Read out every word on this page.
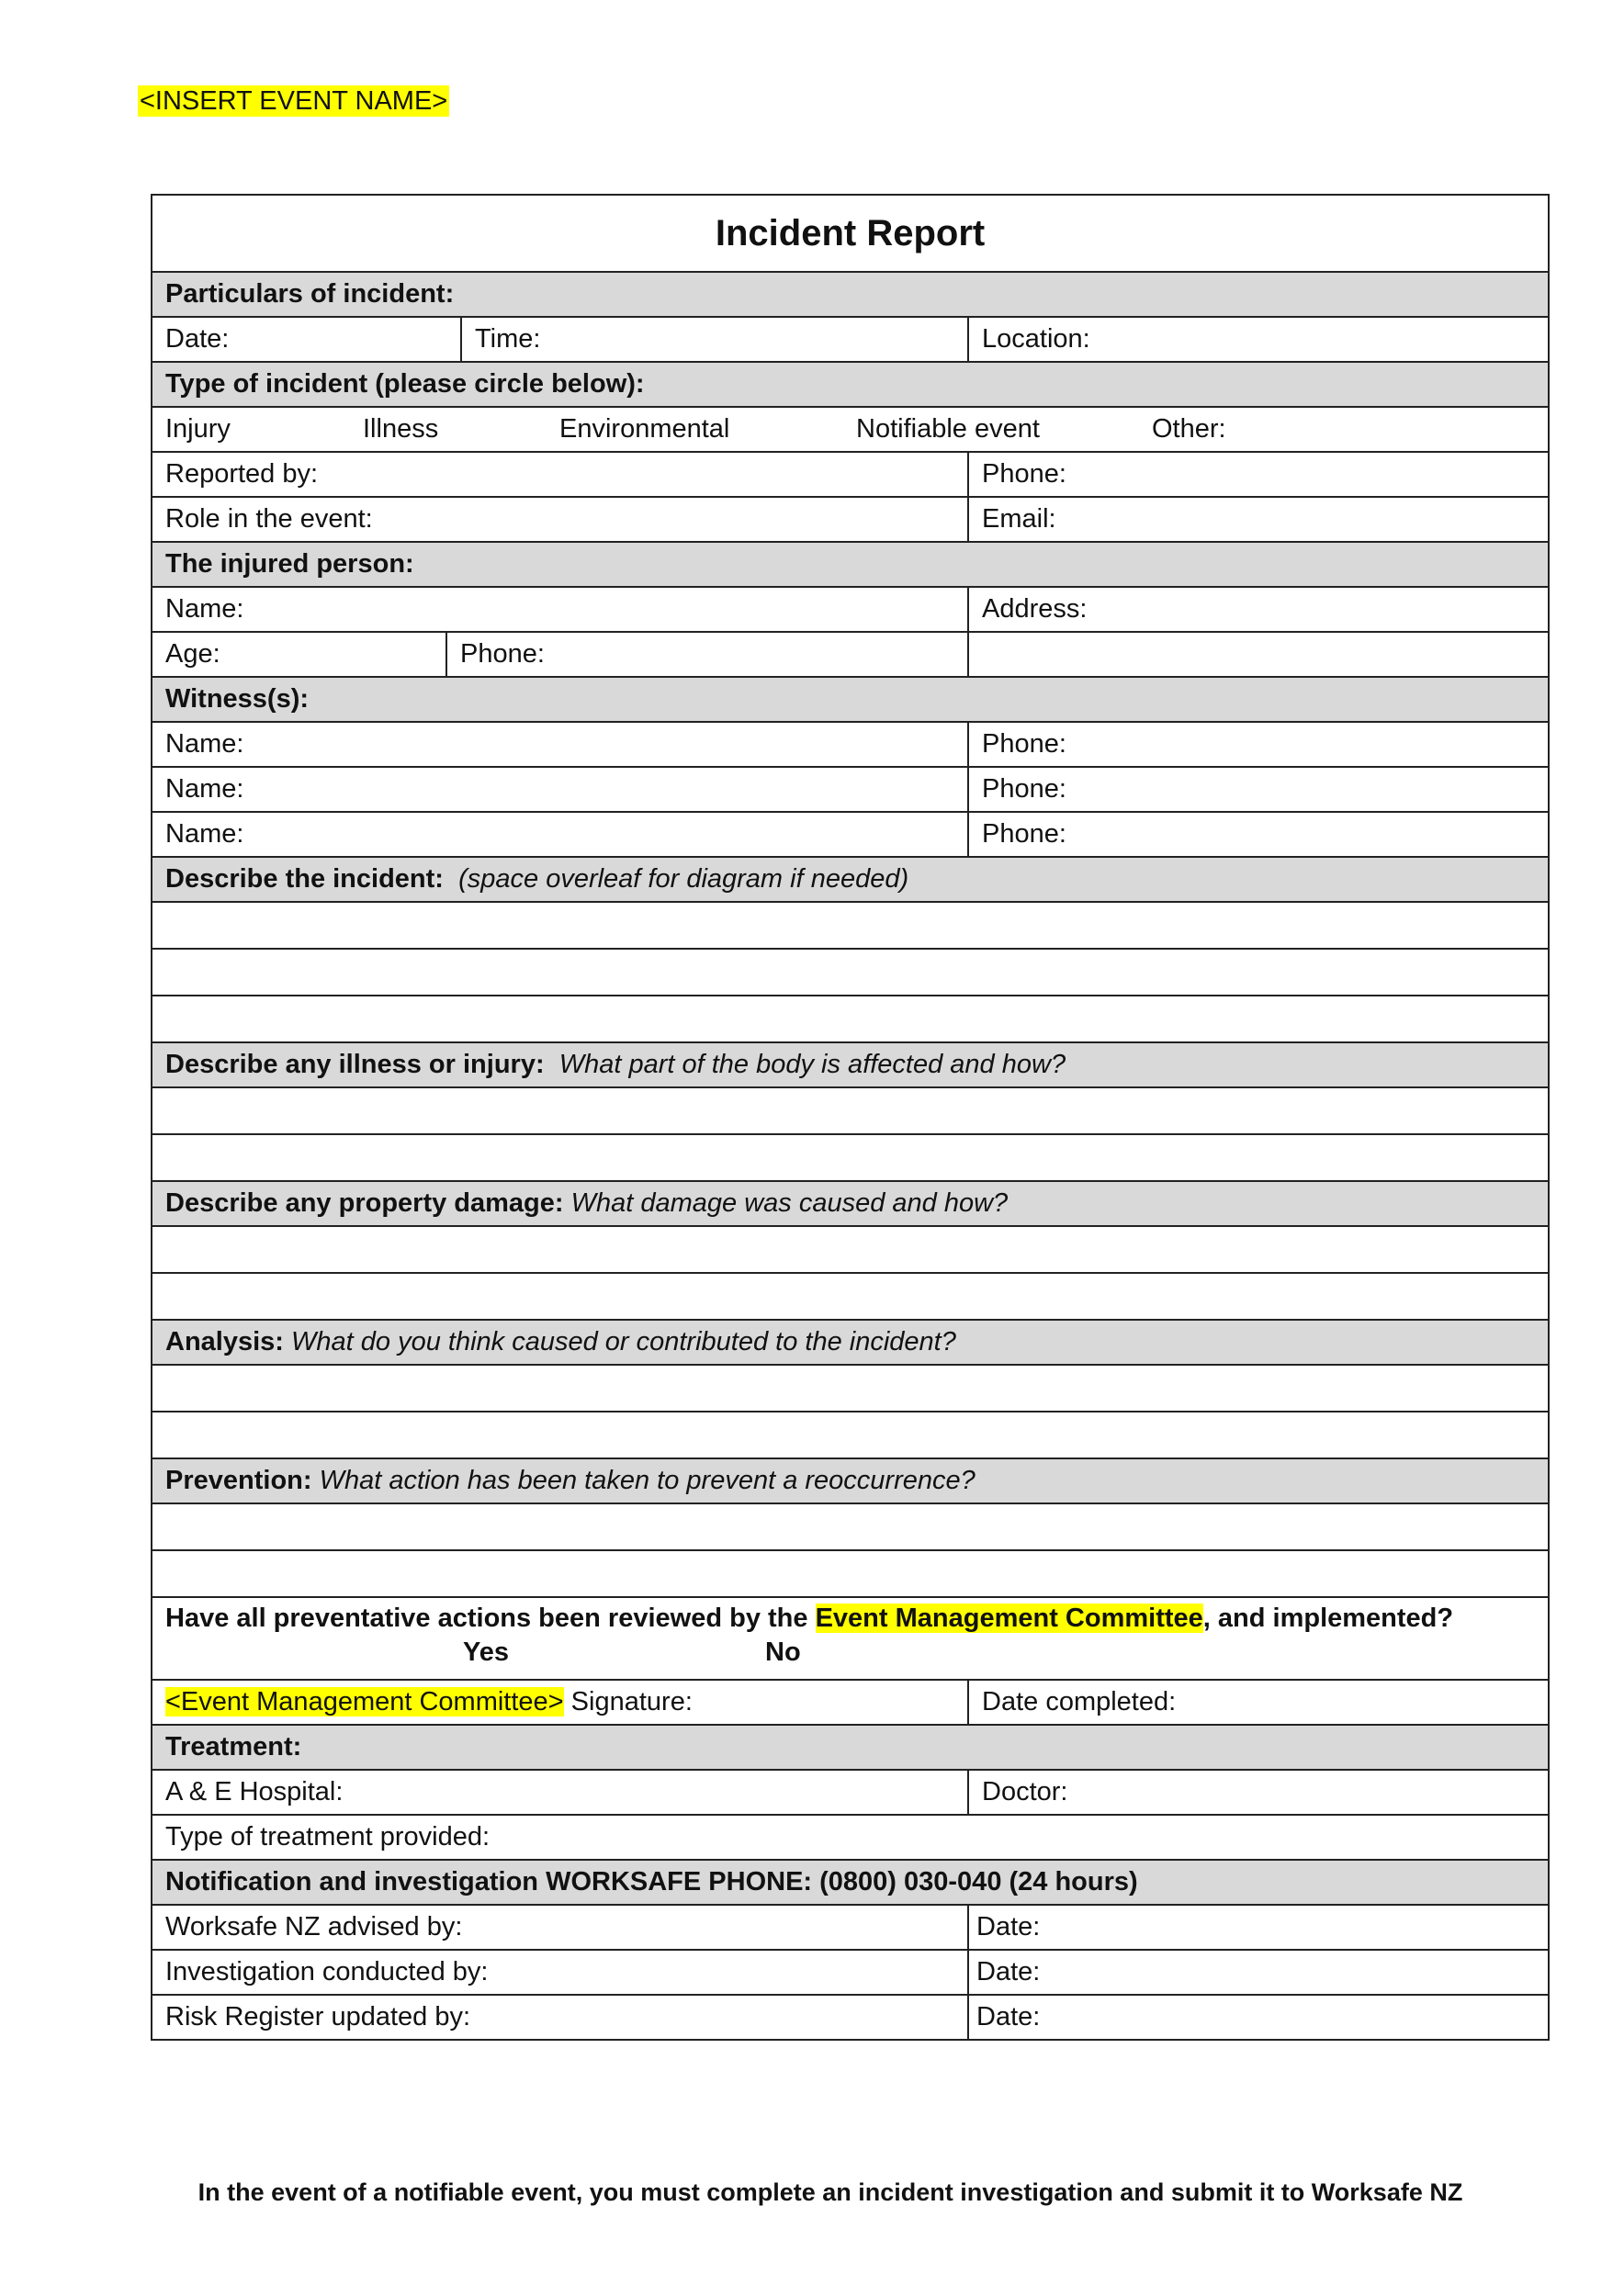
<INSERT EVENT NAME>
Incident Report			
Particulars of incident:			
Date:		Time:	Location:
Type of incident (please circle below):			

Injury Illness Environmental Notifiable event Other:			

Reported by:			Phone:
Role in the event:			Email:
The injured person:			
Name:			Address:
Age:	Phone:		
Witness(s):			
Name:			Phone:
Name:			Phone:
Name:			Phone:
Describe the incident: (space overleaf for diagram if needed)			

Describe any illness or injury: What part of the body is affected and how?			

Describe any property damage: What damage was caused and how?			

Analysis: What do you think caused or contributed to the incident?			

Prevention: What action has been taken to prevent a reoccurrence?			

Have all preventative actions been reviewed by the Event Management Committee, and implemented?
Yes No			

<Event Management Committee> Signature:			Date completed:
Treatment:			
A & E Hospital:			Doctor:
Type of treatment provided:			
Notification and investigation WORKSAFE PHONE: (0800) 030-040 (24 hours)			
Worksafe NZ advised by:			Date:
Investigation conducted by:			Date:
Risk Register updated by:			Date:
In the event of a notifiable event, you must complete an incident investigation and submit it to Worksafe NZ
